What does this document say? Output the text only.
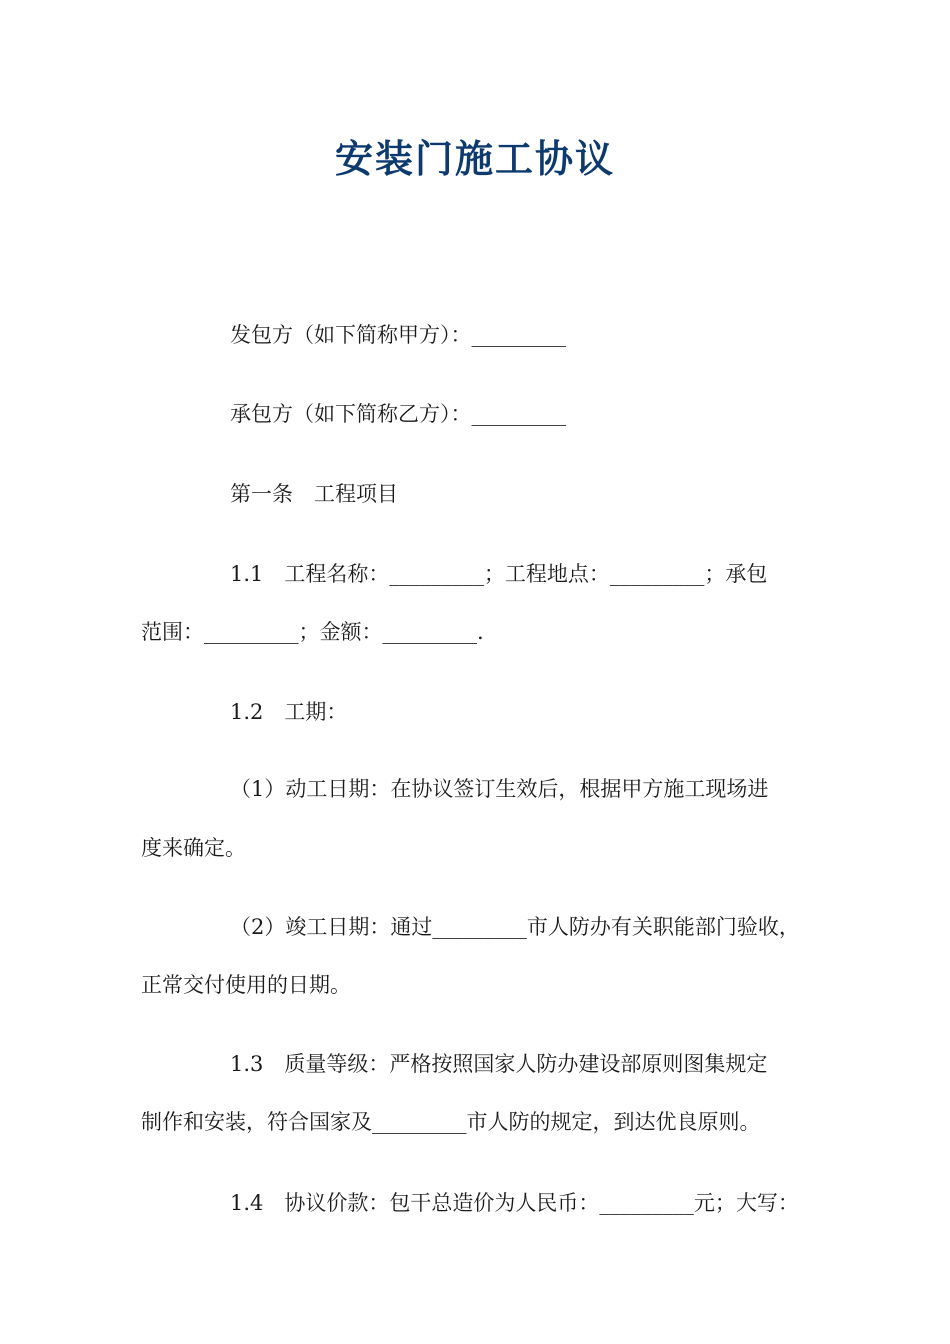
安装门施工协议

发包方（如下简称甲方）：_________

承包方（如下简称乙方）：_________

第一条　工程项目

1.1　工程名称：_________；工程地点：_________；承包

范围：_________；金额：_________.

1.2　工期：

（1）动工日期：在协议签订生效后，根据甲方施工现场进

度来确定。

（2）竣工日期：通过_________市人防办有关职能部门验收，

正常交付使用的日期。

1.3　质量等级：严格按照国家人防办建设部原则图集规定

制作和安装，符合国家及_________市人防的规定，到达优良原则。

1.4　协议价款：包干总造价为人民币：_________元；大写：
